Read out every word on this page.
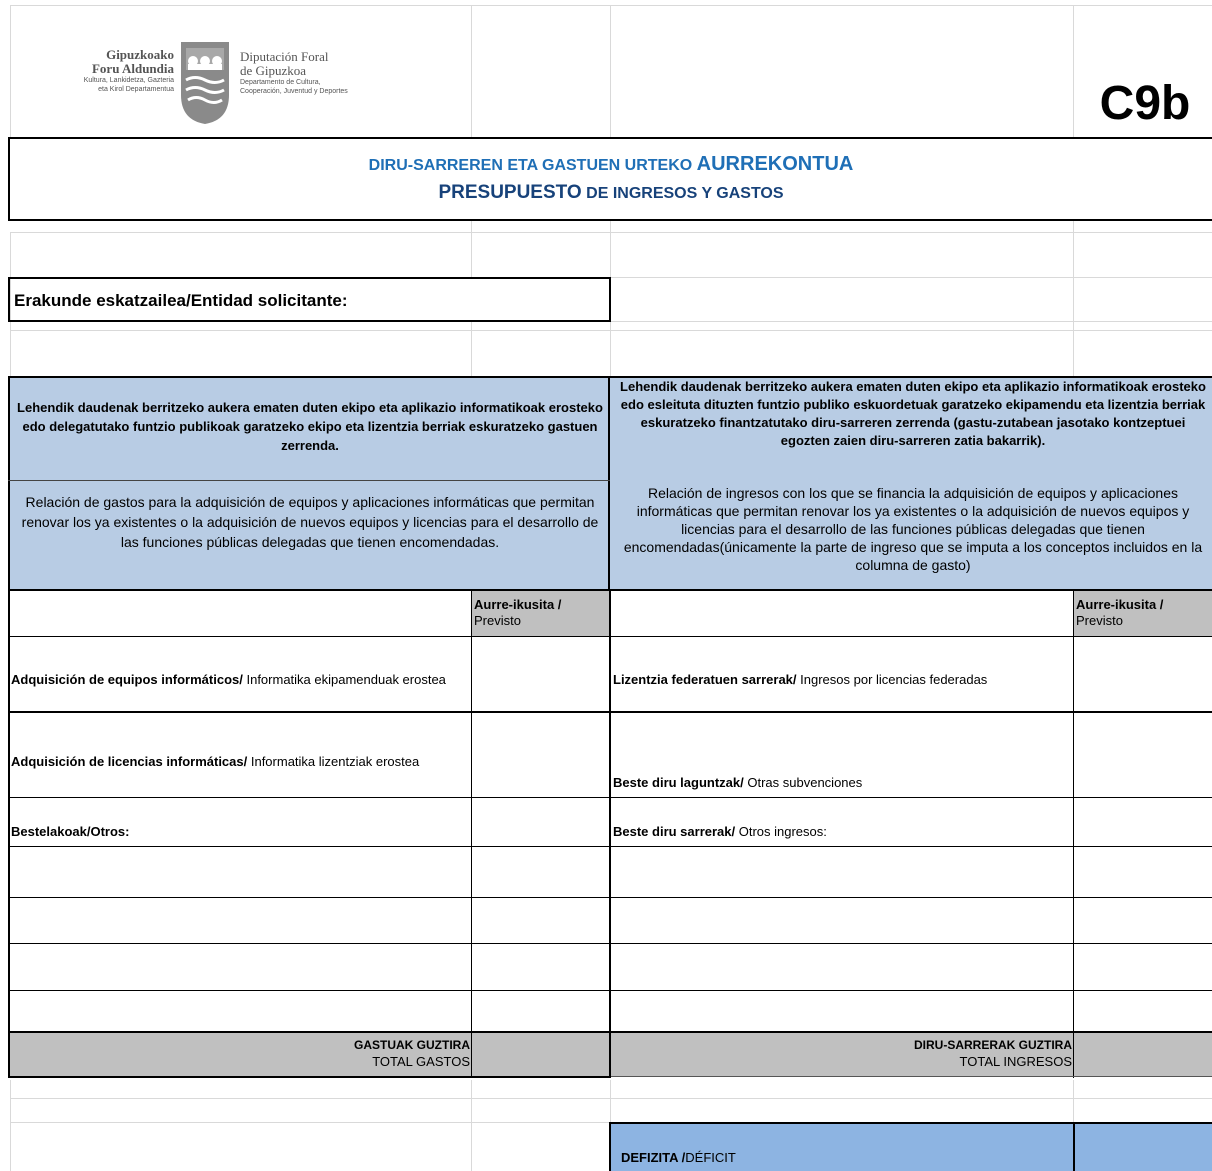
Gipuzkoako
Foru Aldundia
Kultura, Lankidetza, Gazteria
eta Kirol Departamentua
Diputación Foral
de Gipuzkoa
Departamento de Cultura,
Cooperación, Juventud y Deportes	C9b
DIRU-SARREREN ETA GASTUEN URTEKO AURREKONTUA
PRESUPUESTO DE INGRESOS Y GASTOS
Erakunde eskatzailea/Entidad solicitante:
Lehendik daudenak berritzeko aukera ematen duten ekipo eta aplikazio informatikoak erosteko edo delegatutako funtzio publikoak garatzeko ekipo eta lizentzia berriak eskuratzeko gastuen zerrenda.
Relación de gastos para la adquisición de equipos y aplicaciones informáticas que permitan renovar los ya existentes o la adquisición de nuevos equipos y licencias para el desarrollo de las funciones públicas delegadas que tienen encomendadas.
Lehendik daudenak berritzeko aukera ematen duten ekipo eta aplikazio informatikoak erosteko edo esleituta dituzten funtzio publiko eskuordetuak garatzeko ekipamendu eta lizentzia berriak eskuratzeko finantzatutako diru-sarreren zerrenda (gastu-zutabean jasotako kontzeptuei egozten zaien diru-sarreren zatia bakarrik).
Relación de ingresos con los que se financia la adquisición de equipos y aplicaciones informáticas que permitan renovar los ya existentes o la adquisición de nuevos equipos y licencias para el desarrollo de las funciones públicas delegadas que tienen encomendadas(únicamente la parte de ingreso que se imputa a los conceptos incluidos en la columna de gasto)
Aurre-ikusita /
Previsto
Aurre-ikusita /
Previsto
Adquisición de equipos informáticos/ Informatika ekipamenduak erostea
Adquisición de licencias informáticas/ Informatika lizentziak erostea
Bestelakoak/Otros:
Lizentzia federatuen sarrerak/ Ingresos por licencias federadas
Beste diru laguntzak/ Otras subvenciones
Beste diru sarrerak/ Otros ingresos:
GASTUAK GUZTIRA
TOTAL GASTOS
DIRU-SARRERAK GUZTIRA
TOTAL INGRESOS
DEFIZITA /DÉFICIT
